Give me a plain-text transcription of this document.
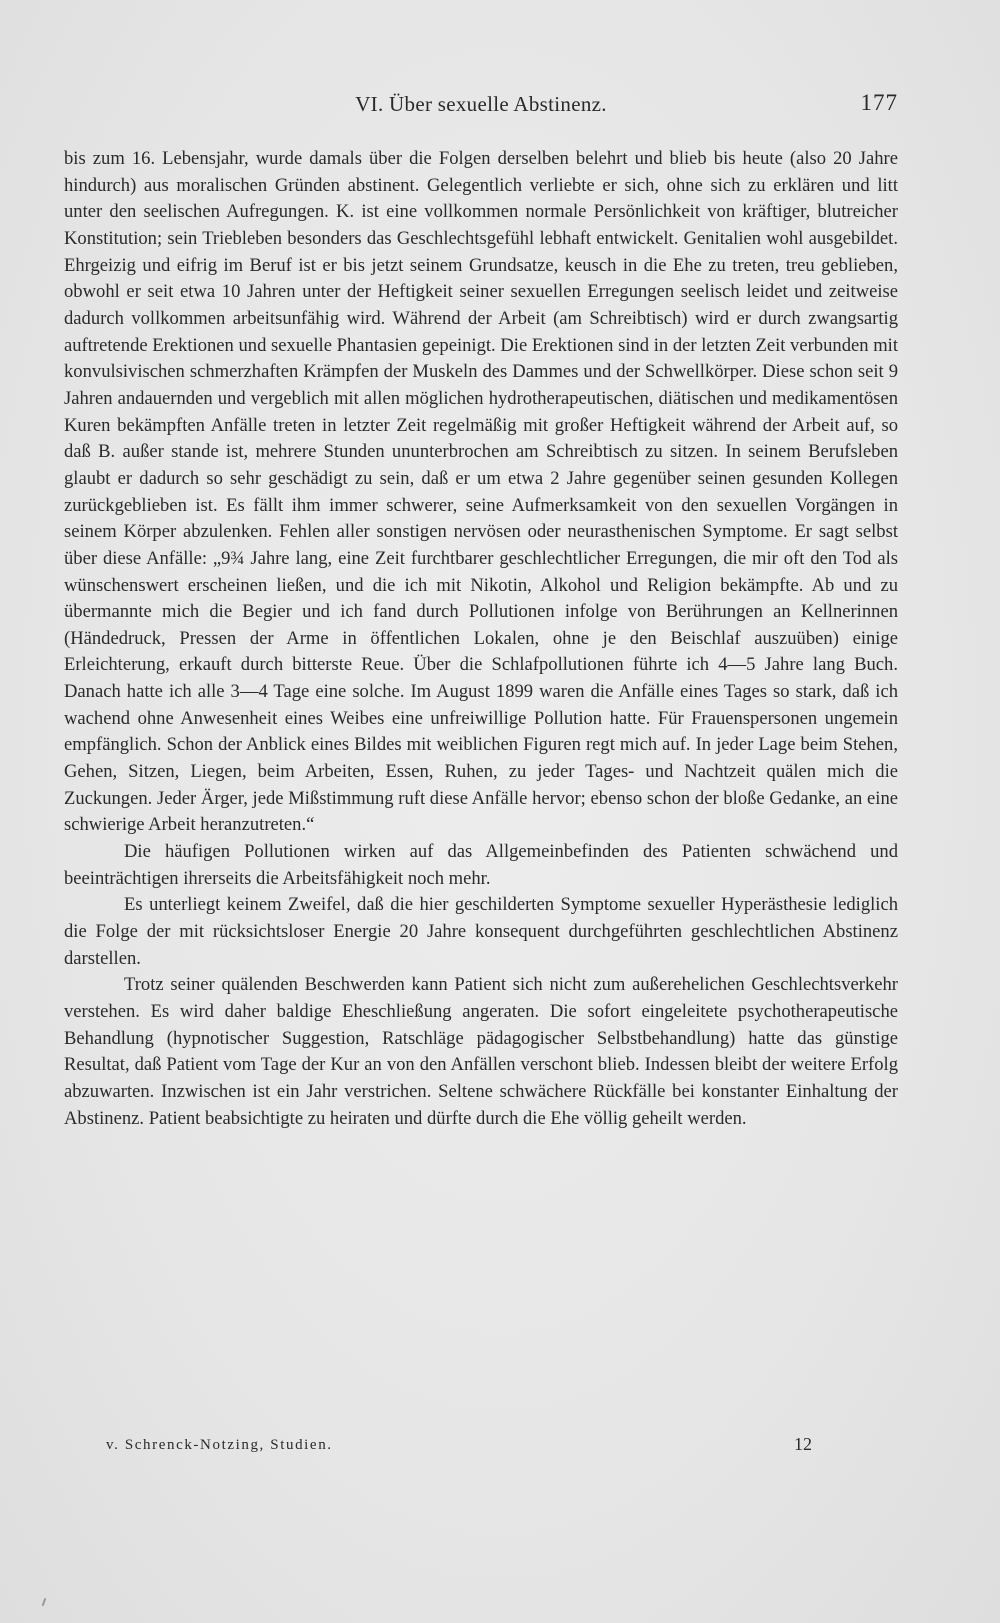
VI. Über sexuelle Abstinenz.	177

bis zum 16. Lebensjahr, wurde damals über die Folgen derselben belehrt und blieb bis heute (also 20 Jahre hindurch) aus moralischen Gründen abstinent. Gelegentlich verliebte er sich, ohne sich zu erklären und litt unter den seelischen Aufregungen. K. ist eine vollkommen normale Persönlichkeit von kräftiger, blutreicher Konstitution; sein Triebleben besonders das Geschlechtsgefühl lebhaft entwickelt. Genitalien wohl ausgebildet. Ehrgeizig und eifrig im Beruf ist er bis jetzt seinem Grundsatze, keusch in die Ehe zu treten, treu geblieben, obwohl er seit etwa 10 Jahren unter der Heftigkeit seiner sexuellen Erregungen seelisch leidet und zeitweise dadurch vollkommen arbeitsunfähig wird. Während der Arbeit (am Schreibtisch) wird er durch zwangsartig auftretende Erektionen und sexuelle Phantasien gepeinigt. Die Erektionen sind in der letzten Zeit verbunden mit konvulsivischen schmerzhaften Krämpfen der Muskeln des Dammes und der Schwellkörper. Diese schon seit 9 Jahren andauernden und vergeblich mit allen möglichen hydrotherapeutischen, diätischen und medikamentösen Kuren bekämpften Anfälle treten in letzter Zeit regelmäßig mit großer Heftigkeit während der Arbeit auf, so daß B. außer stande ist, mehrere Stunden ununterbrochen am Schreibtisch zu sitzen. In seinem Berufsleben glaubt er dadurch so sehr geschädigt zu sein, daß er um etwa 2 Jahre gegenüber seinen gesunden Kollegen zurückgeblieben ist. Es fällt ihm immer schwerer, seine Aufmerksamkeit von den sexuellen Vorgängen in seinem Körper abzulenken. Fehlen aller sonstigen nervösen oder neurasthenischen Symptome. Er sagt selbst über diese Anfälle: „9¾ Jahre lang, eine Zeit furchtbarer geschlechtlicher Erregungen, die mir oft den Tod als wünschenswert erscheinen ließen, und die ich mit Nikotin, Alkohol und Religion bekämpfte. Ab und zu übermannte mich die Begier und ich fand durch Pollutionen infolge von Berührungen an Kellnerinnen (Händedruck, Pressen der Arme in öffentlichen Lokalen, ohne je den Beischlaf auszuüben) einige Erleichterung, erkauft durch bitterste Reue. Über die Schlafpollutionen führte ich 4—5 Jahre lang Buch. Danach hatte ich alle 3—4 Tage eine solche. Im August 1899 waren die Anfälle eines Tages so stark, daß ich wachend ohne Anwesenheit eines Weibes eine unfreiwillige Pollution hatte. Für Frauenspersonen ungemein empfänglich. Schon der Anblick eines Bildes mit weiblichen Figuren regt mich auf. In jeder Lage beim Stehen, Gehen, Sitzen, Liegen, beim Arbeiten, Essen, Ruhen, zu jeder Tages- und Nachtzeit quälen mich die Zuckungen. Jeder Ärger, jede Mißstimmung ruft diese Anfälle hervor; ebenso schon der bloße Gedanke, an eine schwierige Arbeit heranzutreten.“

Die häufigen Pollutionen wirken auf das Allgemeinbefinden des Patienten schwächend und beeinträchtigen ihrerseits die Arbeitsfähigkeit noch mehr.

Es unterliegt keinem Zweifel, daß die hier geschilderten Symptome sexueller Hyperästhesie lediglich die Folge der mit rücksichtsloser Energie 20 Jahre konsequent durchgeführten geschlechtlichen Abstinenz darstellen.

Trotz seiner quälenden Beschwerden kann Patient sich nicht zum außerehelichen Geschlechtsverkehr verstehen. Es wird daher baldige Eheschließung angeraten. Die sofort eingeleitete psychotherapeutische Behandlung (hypnotischer Suggestion, Ratschläge pädagogischer Selbstbehandlung) hatte das günstige Resultat, daß Patient vom Tage der Kur an von den Anfällen verschont blieb. Indessen bleibt der weitere Erfolg abzuwarten. Inzwischen ist ein Jahr verstrichen. Seltene schwächere Rückfälle bei konstanter Einhaltung der Abstinenz. Patient beabsichtigte zu heiraten und dürfte durch die Ehe völlig geheilt werden.

v. Schrenck-Notzing, Studien.	12
